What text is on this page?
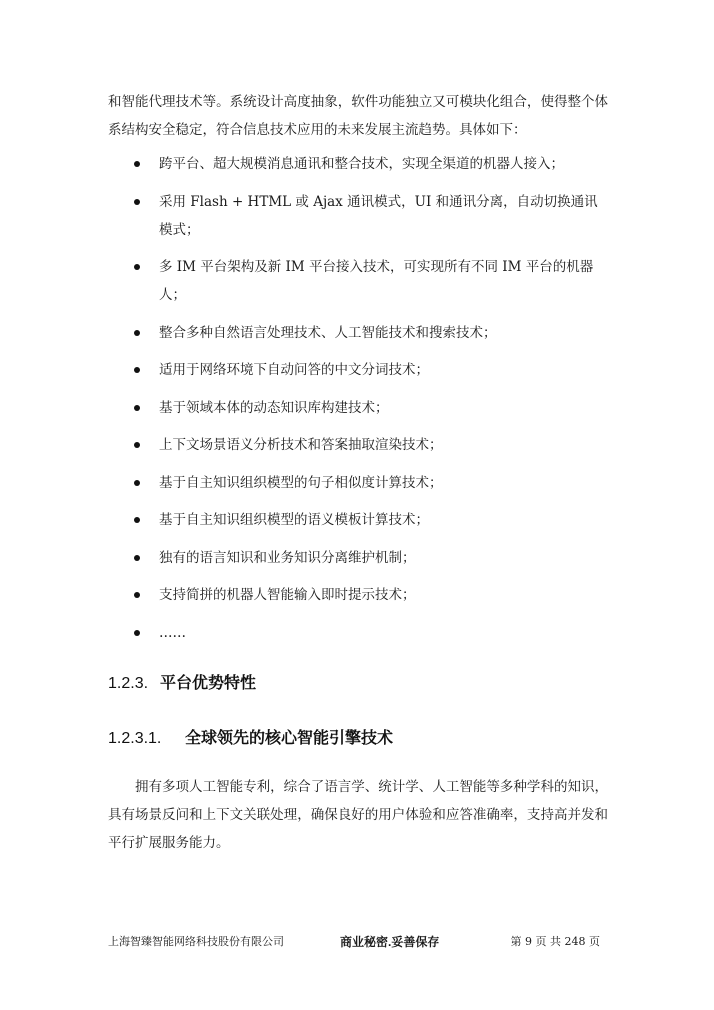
和智能代理技术等。系统设计高度抽象，软件功能独立又可模块化组合，使得整个体系结构安全稳定，符合信息技术应用的未来发展主流趋势。具体如下：

跨平台、超大规模消息通讯和整合技术，实现全渠道的机器人接入；
采用 Flash + HTML 或 Ajax 通讯模式，UI 和通讯分离，自动切换通讯模式；
多 IM 平台架构及新 IM 平台接入技术，可实现所有不同 IM 平台的机器人；
整合多种自然语言处理技术、人工智能技术和搜索技术；
适用于网络环境下自动问答的中文分词技术；
基于领域本体的动态知识库构建技术；
上下文场景语义分析技术和答案抽取渲染技术；
基于自主知识组织模型的句子相似度计算技术；
基于自主知识组织模型的语义模板计算技术；
独有的语言知识和业务知识分离维护机制；
支持简拼的机器人智能输入即时提示技术；
……
1.2.3. 平台优势特性
1.2.3.1. 全球领先的核心智能引擎技术

拥有多项人工智能专利，综合了语言学、统计学、人工智能等多种学科的知识，具有场景反问和上下文关联处理，确保良好的用户体验和应答准确率，支持高并发和平行扩展服务能力。

上海智臻智能网络科技股份有限公司	商业秘密.妥善保存	第 9 页 共 248 页
